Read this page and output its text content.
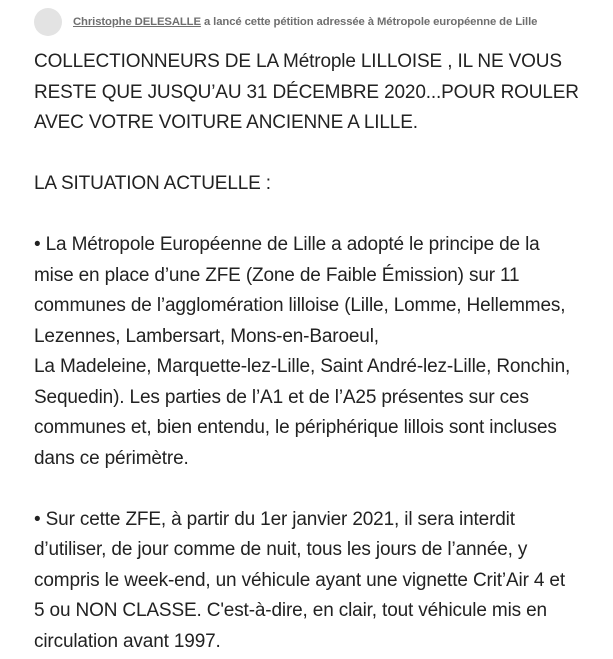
Christophe DELESALLE a lancé cette pétition adressée à Métropole européenne de Lille

COLLECTIONNEURS DE LA Métrople LILLOISE , IL NE VOUS
RESTE QUE JUSQU’AU 31 DÉCEMBRE 2020...POUR ROULER
AVEC VOTRE VOITURE ANCIENNE A LILLE.

LA SITUATION ACTUELLE :

• La Métropole Européenne de Lille a adopté le principe de la
mise en place d’une ZFE (Zone de Faible Émission) sur 11
communes de l’agglomération lilloise (Lille, Lomme, Hellemmes,
Lezennes, Lambersart, Mons-en-Baroeul,
La Madeleine, Marquette-lez-Lille, Saint André-lez-Lille, Ronchin,
Sequedin). Les parties de l’A1 et de l’A25 présentes sur ces
communes et, bien entendu, le périphérique lillois sont incluses
dans ce périmètre.

• Sur cette ZFE, à partir du 1er janvier 2021, il sera interdit
d’utiliser, de jour comme de nuit, tous les jours de l’année, y
compris le week-end, un véhicule ayant une vignette Crit’Air 4 et
5 ou NON CLASSE. C'est-à-dire, en clair, tout véhicule mis en
circulation avant 1997.
